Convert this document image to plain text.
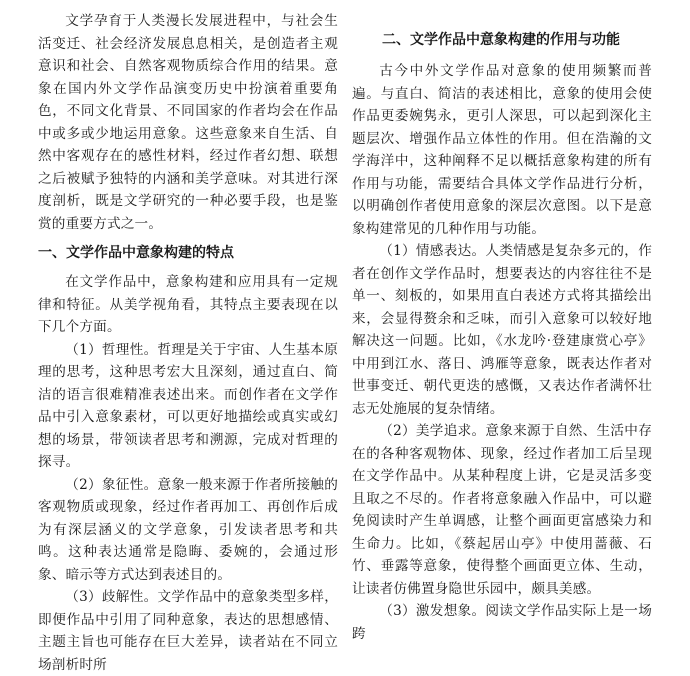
文学孕育于人类漫长发展进程中，与社会生活变迁、社会经济发展息息相关，是创造者主观意识和社会、自然客观物质综合作用的结果。意象在国内外文学作品演变历史中扮演着重要角色，不同文化背景、不同国家的作者均会在作品中或多或少地运用意象。这些意象来自生活、自然中客观存在的感性材料，经过作者幻想、联想之后被赋予独特的内涵和美学意味。对其进行深度剖析，既是文学研究的一种必要手段，也是鉴赏的重要方式之一。

一、文学作品中意象构建的特点

在文学作品中，意象构建和应用具有一定规律和特征。从美学视角看，其特点主要表现在以下几个方面。

（1）哲理性。哲理是关于宇宙、人生基本原理的思考，这种思考宏大且深刻，通过直白、简洁的语言很难精准表述出来。而创作者在文学作品中引入意象素材，可以更好地描绘或真实或幻想的场景，带领读者思考和溯源，完成对哲理的探寻。

（2）象征性。意象一般来源于作者所接触的客观物质或现象，经过作者再加工、再创作后成为有深层涵义的文学意象，引发读者思考和共鸣。这种表达通常是隐晦、委婉的，会通过形象、暗示等方式达到表述目的。

（3）歧解性。文学作品中的意象类型多样，即便作品中引用了同种意象，表达的思想感情、主题主旨也可能存在巨大差异，读者站在不同立场剖析时所

二、文学作品中意象构建的作用与功能

古今中外文学作品对意象的使用频繁而普遍。与直白、简洁的表述相比，意象的使用会使作品更委婉隽永，更引人深思，可以起到深化主题层次、增强作品立体性的作用。但在浩瀚的文学海洋中，这种阐释不足以概括意象构建的所有作用与功能，需要结合具体文学作品进行分析，以明确创作者使用意象的深层次意图。以下是意象构建常见的几种作用与功能。

（1）情感表达。人类情感是复杂多元的，作者在创作文学作品时，想要表达的内容往往不是单一、刻板的，如果用直白表述方式将其描绘出来，会显得赘余和乏味，而引入意象可以较好地解决这一问题。比如，《水龙吟·登建康赏心亭》中用到江水、落日、鸿雁等意象，既表达作者对世事变迁、朝代更迭的感慨，又表达作者满怀壮志无处施展的复杂情绪。

（2）美学追求。意象来源于自然、生活中存在的各种客观物体、现象，经过作者加工后呈现在文学作品中。从某种程度上讲，它是灵活多变且取之不尽的。作者将意象融入作品中，可以避免阅读时产生单调感，让整个画面更富感染力和生命力。比如，《蔡起居山亭》中使用蔷薇、石竹、垂露等意象，使得整个画面更立体、生动，让读者仿佛置身隐世乐园中，颇具美感。

（3）激发想象。阅读文学作品实际上是一场跨
